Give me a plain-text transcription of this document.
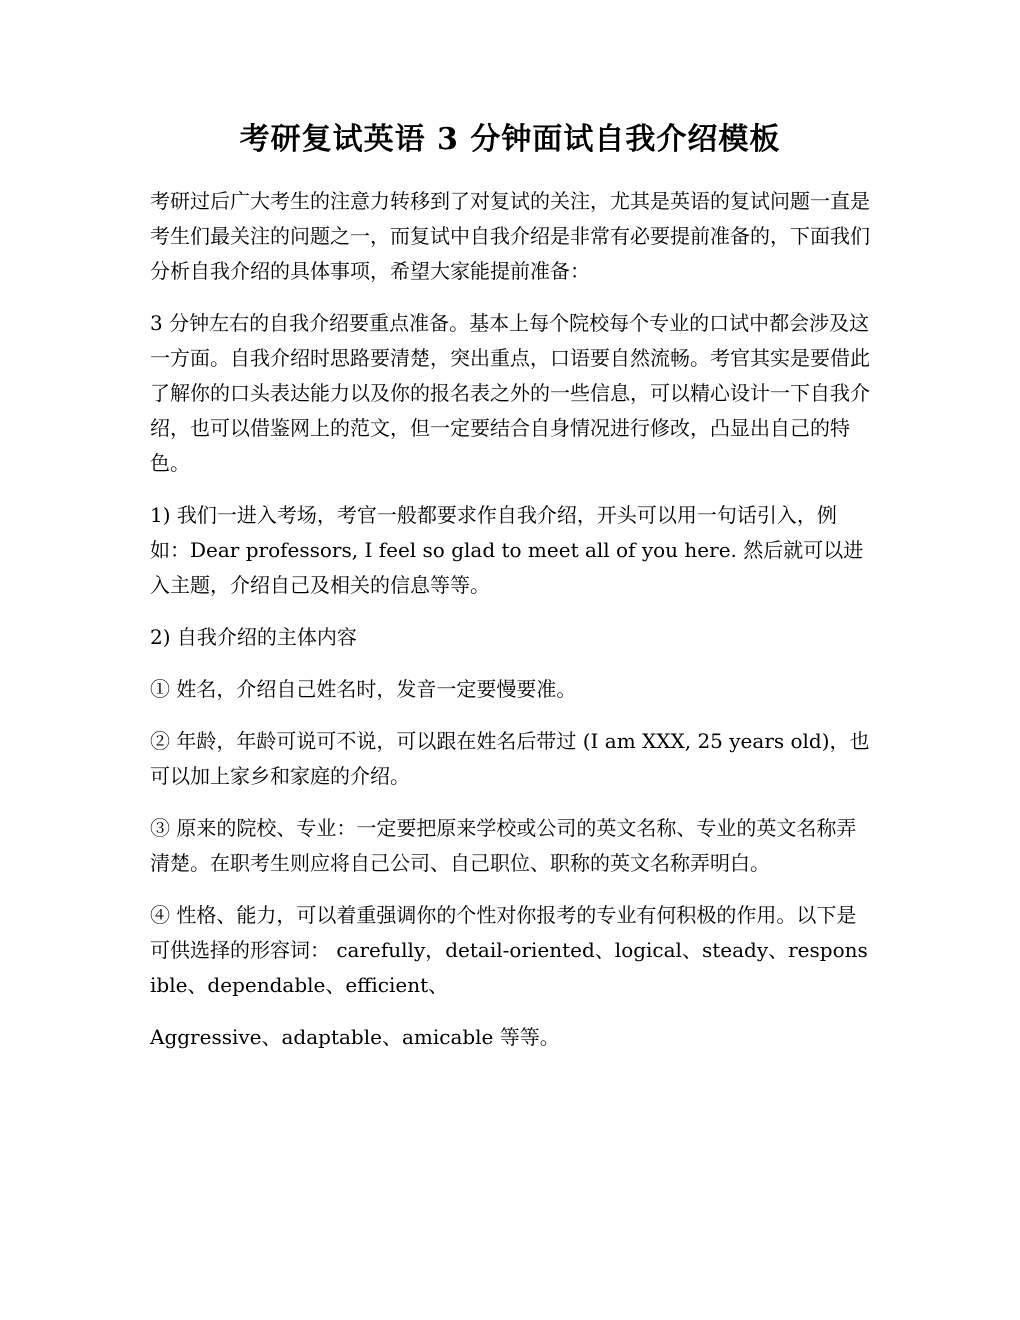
考研复试英语 3 分钟面试自我介绍模板
考研过后广大考生的注意力转移到了对复试的关注，尤其是英语的复试问题一直是考生们最关注的问题之一，而复试中自我介绍是非常有必要提前准备的，下面我们分析自我介绍的具体事项，希望大家能提前准备：
3 分钟左右的自我介绍要重点准备。基本上每个院校每个专业的口试中都会涉及这一方面。自我介绍时思路要清楚，突出重点，口语要自然流畅。考官其实是要借此了解你的口头表达能力以及你的报名表之外的一些信息，可以精心设计一下自我介绍，也可以借鉴网上的范文，但一定要结合自身情况进行修改，凸显出自己的特色。
1) 我们一进入考场，考官一般都要求作自我介绍，开头可以用一句话引入，例如：Dear professors, I feel so glad to meet all of you here. 然后就可以进入主题，介绍自己及相关的信息等等。
2) 自我介绍的主体内容
① 姓名，介绍自己姓名时，发音一定要慢要准。
② 年龄，年龄可说可不说，可以跟在姓名后带过 (I am XXX, 25 years old)，也可以加上家乡和家庭的介绍。
③ 原来的院校、专业：一定要把原来学校或公司的英文名称、专业的英文名称弄清楚。在职考生则应将自己公司、自己职位、职称的英文名称弄明白。
④ 性格、能力，可以着重强调你的个性对你报考的专业有何积极的作用。以下是可供选择的形容词： carefully，detail-oriented、logical、steady、responsible、dependable、efficient、
Aggressive、adaptable、amicable 等等。
